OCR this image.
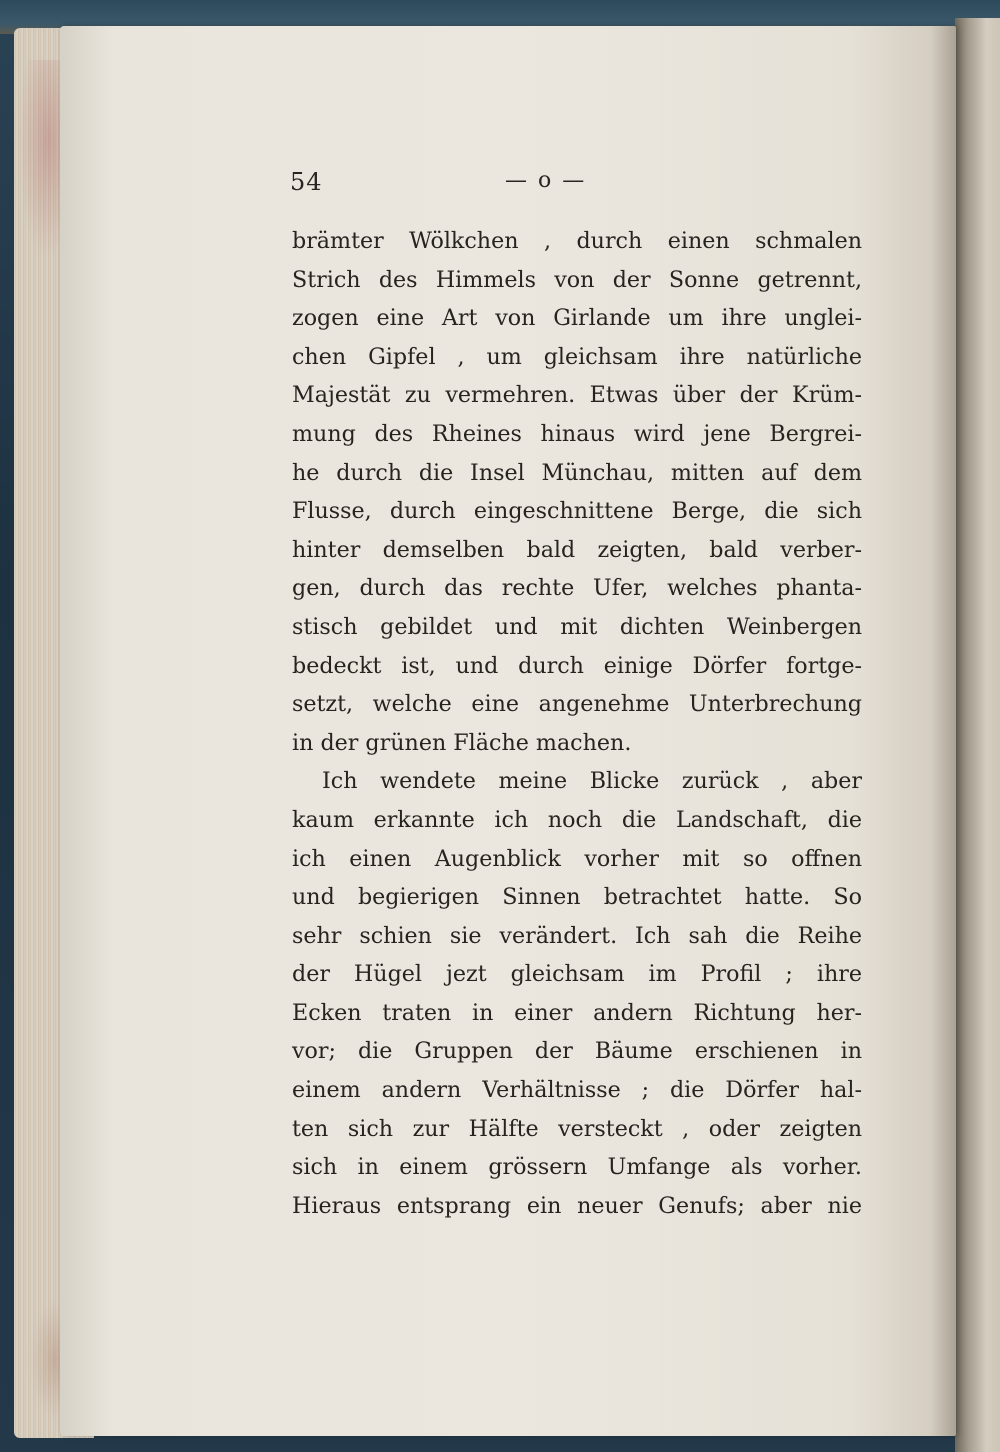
54	— o —
brämter Wölkchen , durch einen schmalen
Strich des Himmels von der Sonne getrennt,
zogen eine Art von Girlande um ihre unglei-
chen Gipfel , um gleichsam ihre natürliche
Majestät zu vermehren. Etwas über der Krüm-
mung des Rheines hinaus wird jene Bergrei-
he durch die Insel Münchau, mitten auf dem
Flusse, durch eingeschnittene Berge, die sich
hinter demselben bald zeigten, bald verber-
gen, durch das rechte Ufer, welches phanta-
stisch gebildet und mit dichten Weinbergen
bedeckt ist, und durch einige Dörfer fortge-
setzt, welche eine angenehme Unterbrechung
in der grünen Fläche machen.
Ich wendete meine Blicke zurück , aber
kaum erkannte ich noch die Landschaft, die
ich einen Augenblick vorher mit so offnen
und begierigen Sinnen betrachtet hatte. So
sehr schien sie verändert. Ich sah die Reihe
der Hügel jezt gleichsam im Profil ; ihre
Ecken traten in einer andern Richtung her-
vor; die Gruppen der Bäume erschienen in
einem andern Verhältnisse ; die Dörfer hal-
ten sich zur Hälfte versteckt , oder zeigten
sich in einem grössern Umfange als vorher.
Hieraus entsprang ein neuer Genufs; aber nie
